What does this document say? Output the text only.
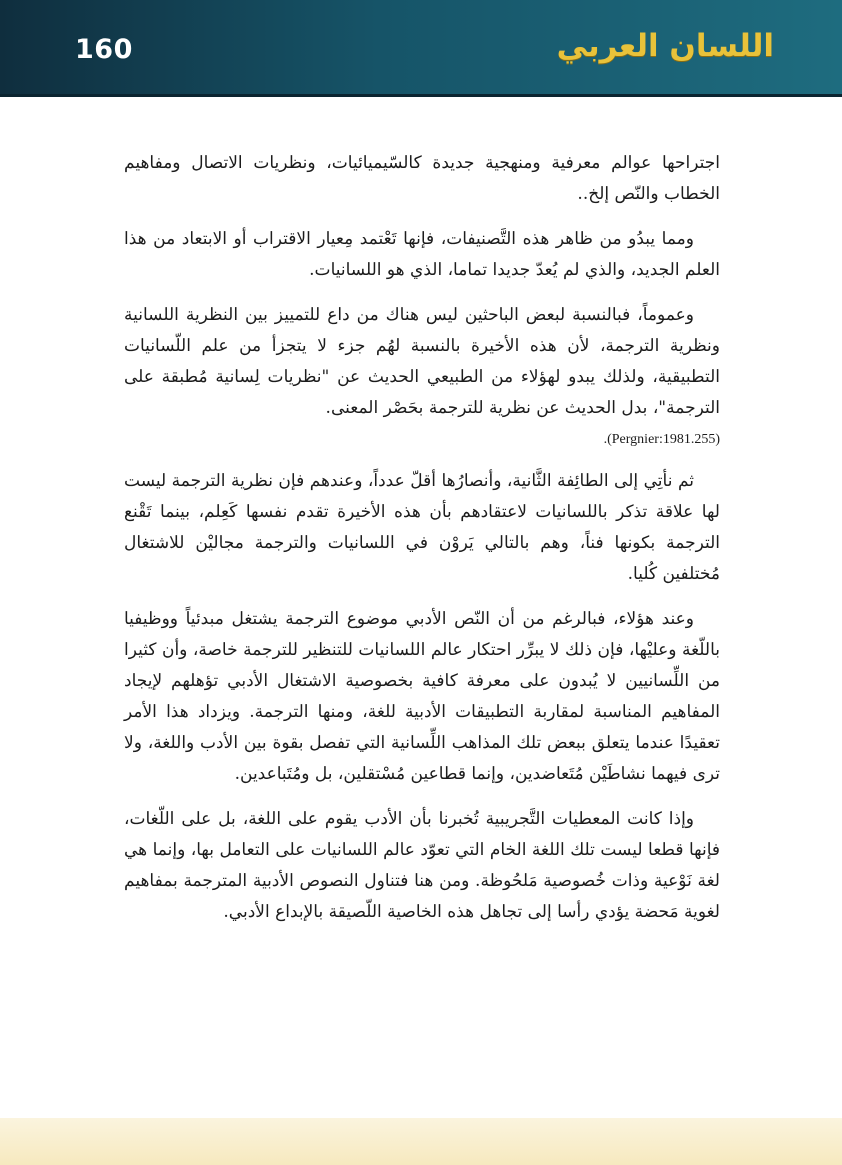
160	اللسان العربي

اجتراحها عوالم معرفية ومنهجية جديدة كالسّيميائيات، ونظريات الاتصال ومفاهيم الخطاب والنّص إلخ..

ومما يبدُو من ظاهر هذه التَّصنيفات، فإنها تَعْتمد مِعيار الاقتراب أو الابتعاد من هذا العلم الجديد، والذي لم يُعدّ جديدا تماما، الذي هو اللسانيات.

وعموماً، فبالنسبة لبعض الباحثين ليس هناك من داع للتمييز بين النظرية اللسانية ونظرية الترجمة، لأن هذه الأخيرة بالنسبة لهُم جزء لا يتجزأ من علم اللّسانيات التطبيقية، ولذلك يبدو لهؤلاء من الطبيعي الحديث عن "نظريات لِسانية مُطبقة على الترجمة"، بدل الحديث عن نظرية للترجمة بحَصْر المعنى.
.(Pergnier:1981.255)

ثم نأتِي إلى الطائِفة الثَّانية، وأنصارُها أقلّ عدداً، وعندهم فإن نظرية الترجمة ليست لها علاقة تذكر باللسانيات لاعتقادهم بأن هذه الأخيرة تقدم نفسها كَعِلم، بينما تَقْنع الترجمة بكونها فناً، وهم بالتالي يَروْن في اللسانيات والترجمة مجاليْن للاشتغال مُختلفين كُليا.

وعند هؤلاء، فبالرغم من أن النّص الأدبي موضوع الترجمة يشتغل مبدئياً ووظيفيا باللّغة وعليْها، فإن ذلك لا يبرِّر احتكار عالم اللسانيات للتنظير للترجمة خاصة، وأن كثيرا من اللِّسانيين لا يُبدون على معرفة كافية بخصوصية الاشتغال الأدبي تؤهلهم لإيجاد المفاهيم المناسبة لمقاربة التطبيقات الأدبية للغة، ومنها الترجمة. ويزداد هذا الأمر تعقيدًا عندما يتعلق ببعض تلك المذاهب اللِّسانية التي تفصل بقوة بين الأدب واللغة، ولا ترى فيهما نشاطَيْن مُتَعاضدين، وإنما قطاعين مُسْتقلين، بل ومُتَباعدين.

وإذا كانت المعطيات التَّجريبية تُخبرنا بأن الأدب يقوم على اللغة، بل على اللّغات، فإنها قطعا ليست تلك اللغة الخام التي تعوّد عالم اللسانيات على التعامل بها، وإنما هي لغة نَوْعية وذات خُصوصية مَلحُوظة. ومن هنا فتناول النصوص الأدبية المترجمة بمفاهيم لغوية مَحضة يؤدي رأسا إلى تجاهل هذه الخاصية اللّصيقة بالإبداع الأدبي.
